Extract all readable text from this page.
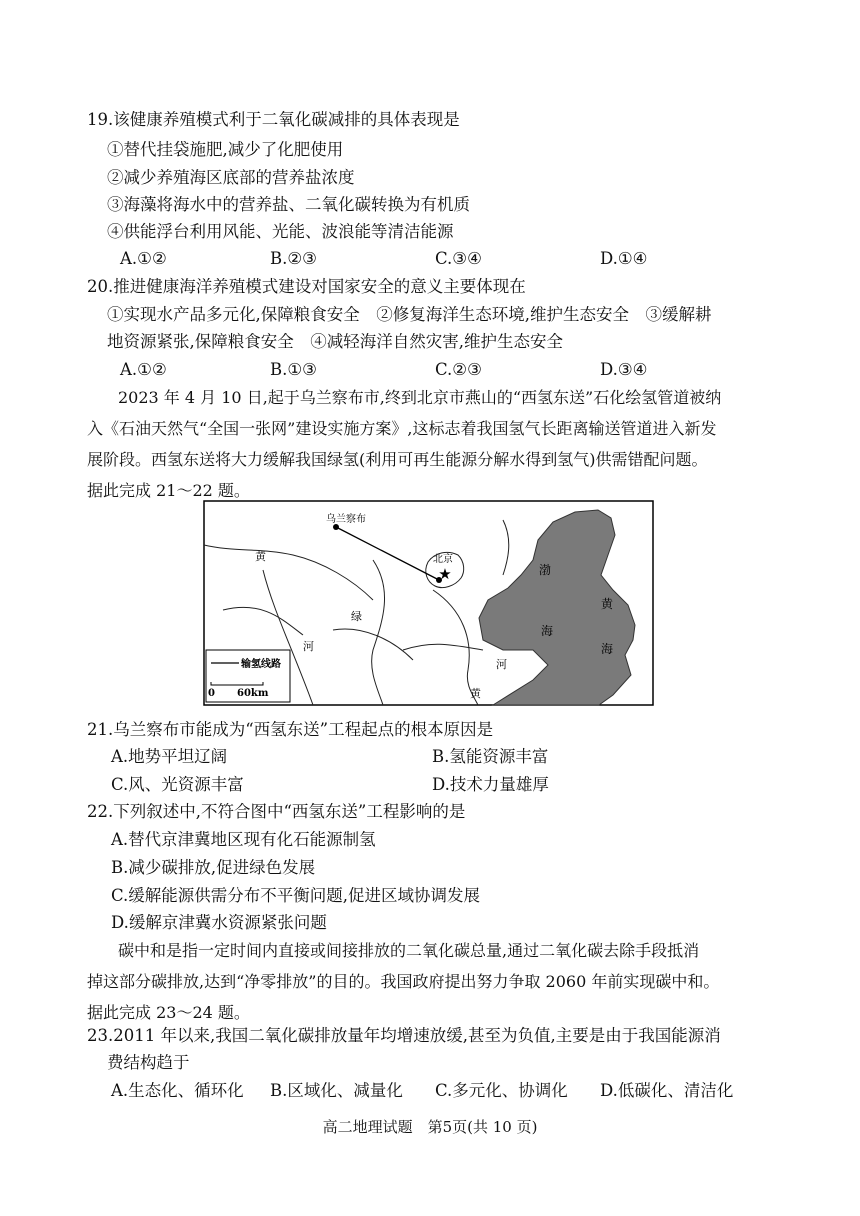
19.该健康养殖模式利于二氧化碳减排的具体表现是
①替代挂袋施肥,减少了化肥使用
②减少养殖海区底部的营养盐浓度
③海藻将海水中的营养盐、二氧化碳转换为有机质
④供能浮台利用风能、光能、波浪能等清洁能源
A.①②	B.②③	C.③④	D.①④
20.推进健康海洋养殖模式建设对国家安全的意义主要体现在
①实现水产品多元化,保障粮食安全　②修复海洋生态环境,维护生态安全　③缓解耕
地资源紧张,保障粮食安全　④减轻海洋自然灾害,维护生态安全
A.①②	B.①③	C.②③	D.③④
2023 年 4 月 10 日,起于乌兰察布市,终到北京市燕山的“西氢东送”石化绘氢管道被纳
入《石油天然气“全国一张网”建设实施方案》,这标志着我国氢气长距离输送管道进入新发
展阶段。西氢东送将大力缓解我国绿氢(利用可再生能源分解水得到氢气)供需错配问题。
据此完成 21～22 题。
★
乌兰察布
北京
黄
河
河
黄
绿
渤
海
黄
海
输氢线路
0 60km
21.乌兰察布市能成为“西氢东送”工程起点的根本原因是
A.地势平坦辽阔	B.氢能资源丰富
C.风、光资源丰富	D.技术力量雄厚
22.下列叙述中,不符合图中“西氢东送”工程影响的是
A.替代京津冀地区现有化石能源制氢
B.减少碳排放,促进绿色发展
C.缓解能源供需分布不平衡问题,促进区域协调发展
D.缓解京津冀水资源紧张问题
碳中和是指一定时间内直接或间接排放的二氧化碳总量,通过二氧化碳去除手段抵消
掉这部分碳排放,达到“净零排放”的目的。我国政府提出努力争取 2060 年前实现碳中和。
据此完成 23～24 题。
23.2011 年以来,我国二氧化碳排放量年均增速放缓,甚至为负值,主要是由于我国能源消
费结构趋于
A.生态化、循环化 B.区域化、减量化 C.多元化、协调化 D.低碳化、清洁化
高二地理试题　第5页(共 10 页)
